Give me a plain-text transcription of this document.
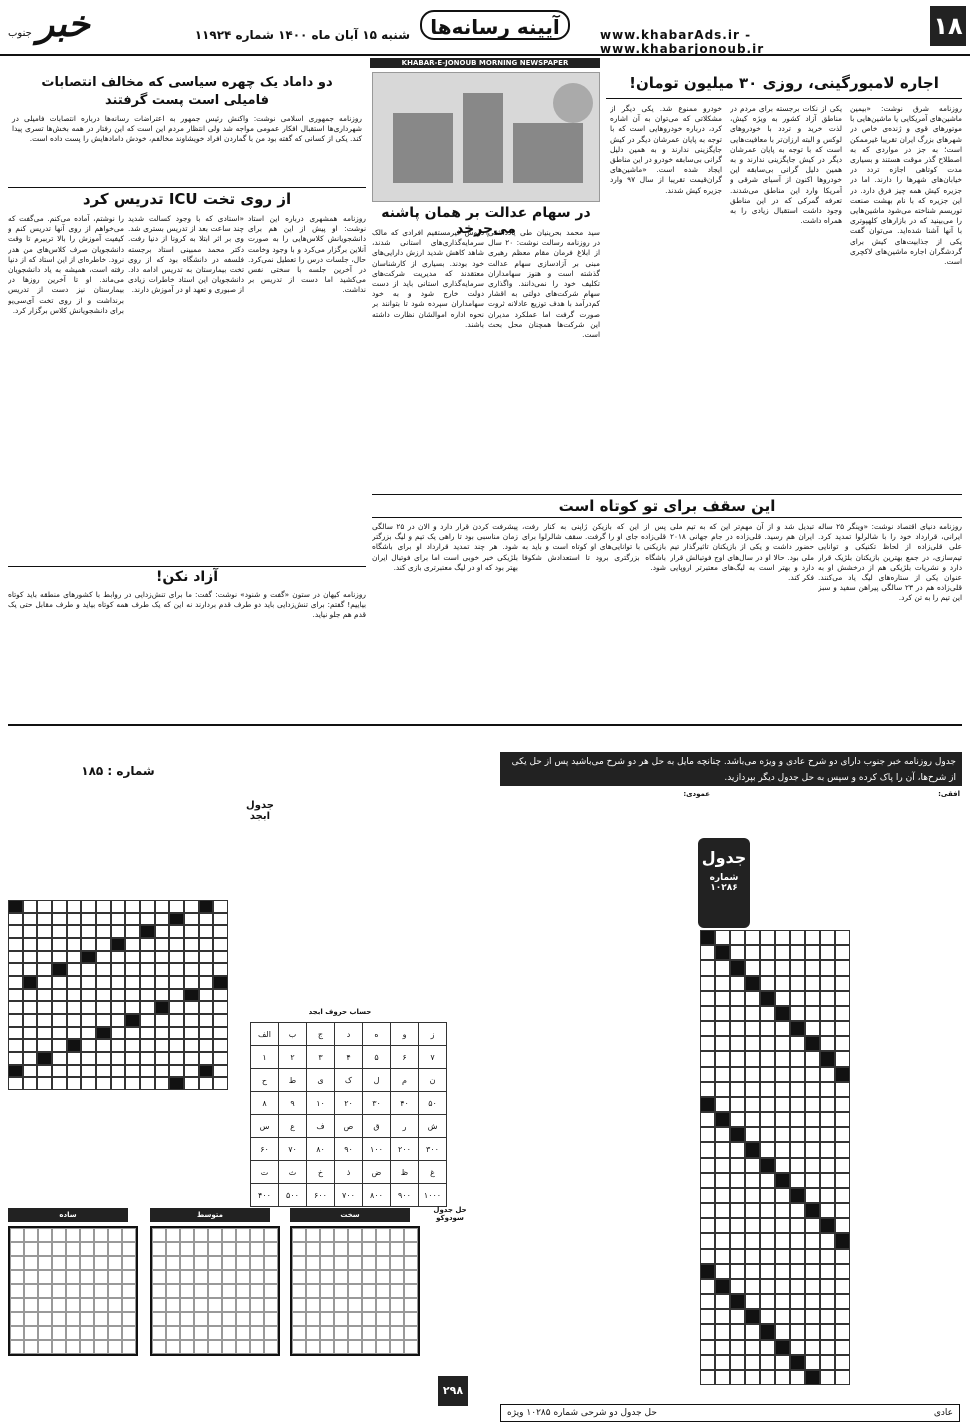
۱۸
آیینه رسانه‌ها	www.khabarAds.ir - www.khabarjonoub.ir
شنبه ۱۵ آبان ماه ۱۴۰۰ شماره ۱۱۹۲۴
خبر جنوب
KHABAR-E-JONOUB MORNING NEWSPAPER
اجاره لامبورگینی، روزی ۳۰ میلیون تومان!
روزنامه شرق نوشت: «بیمین ماشین‌های آمریکایی یا ماشین‌هایی با موتورهای قوی و ژنده‌ی خاص در شهرهای بزرگ ایران تقریبا غیرممکن است؛ به جز در مواردی که به اصطلاح گذر موقت هستند و بسیاری مدت کوتاهی اجازه تردد در خیابان‌های شهرها را دارند. اما در جزیره کیش همه چیز فرق دارد. در این جزیره که با نام بهشت صنعت توریسم شناخته می‌شود ماشین‌هایی را می‌بینید که در بازارهای کلهپوتری با آنها آشنا شده‌اید. می‌توان گفت یکی از جذابیت‌های کیش برای گردشگران اجاره ماشین‌های لاکچری است.
یکی از نکات برجسته برای مردم در مناطق آزاد کشور به ویژه کیش، لذت خرید و تردد با خودروهای لوکس و البته ارزان‌تر با معافیت‌هایی است که با توجه به پایان عمرشان دیگر در کیش جایگزینی ندارند و به همین دلیل گرانی بی‌سابقه این خودروها اکنون از آسیای شرقی و آمریکا وارد این مناطق می‌شدند. تعرفه گمرکی که در این مناطق وجود داشت استقبال زیادی را به همراه داشت.
خودرو ممنوع شد. یکی دیگر از مشکلاتی که می‌توان به آن اشاره کرد، درباره خودروهایی است که با توجه به پایان عمرشان دیگر در کیش جایگزینی ندارند و به همین دلیل گرانی بی‌سابقه خودرو در این مناطق ایجاد شده است. «ماشین‌های گران‌قیمت تقریبا از سال ۹۷ وارد جزیره کیش شدند.
در سهام عدالت بر همان پاشنه می‌چرخد
سید محمد بحرینیان طی یادداشتی در روزنامه رسالت نوشت: ۲۰ سال از ابلاغ فرمان مقام معظم رهبری مبنی بر آزادسازی سهام عدالت گذشته است و هنوز سهامداران تکلیف خود را نمی‌دانند. واگذاری سهام شرکت‌های دولتی به اقشار کم‌درآمد با هدف توزیع عادلانه ثروت صورت گرفت اما عملکرد مدیران این شرکت‌ها همچنان محل بحث است.
دروش غیرمستقیم افرادی که مالک سرمایه‌گذاری‌های استانی شدند، شاهد کاهش شدید ارزش دارایی‌های خود بودند. بسیاری از کارشناسان معتقدند که مدیریت شرکت‌های سرمایه‌گذاری استانی باید از دست دولت خارج شود و به خود سهامداران سپرده شود تا بتوانند بر نحوه اداره اموالشان نظارت داشته باشند.
دو داماد یک چهره سیاسی که مخالف انتصابات فامیلی است پست گرفتند
روزنامه جمهوری اسلامی نوشت: واکنش رئیس جمهور به اعتراضات رسانه‌ها درباره انتصابات فامیلی در شهرداری‌ها استقبال افکار عمومی مواجه شد ولی انتظار مردم این است که این رفتار در همه بخش‌ها تسری پیدا کند. یکی از کسانی که گفته بود من با گماردن افراد خویشاوند مخالفم، خودش دامادهایش را پست داده است.
از روی تخت ICU تدریس کرد
روزنامه همشهری درباره این استاد نوشت: او پیش از این هم برای دانشجویانش کلاس‌هایی را به صورت آنلاین برگزار می‌کرد و با وجود وخامت حال، جلسات درس را تعطیل نمی‌کرد. در آخرین جلسه با سختی نفس می‌کشید اما دست از تدریس بر نداشت.
«استادی که با وجود کسالت شدید چند ساعت بعد از تدریس بستری شد. وی بر اثر ابتلا به کرونا از دنیا رفت. دکتر محمد ممبینی استاد برجسته فلسفه در دانشگاه بود که از روی تخت بیمارستان به تدریس ادامه داد. دانشجویان این استاد خاطرات زیادی از صبوری و تعهد او در آموزش دارند.
را نوشتم، آماده می‌کنم. می‌گفت که می‌خواهم از روی آنها تدریس کنم و کیفیت آموزش را بالا ترببرم تا وقت دانشجویان صرف کلاس‌های من هدر نرود. خاطره‌ای از این استاد که از دنیا رفته است، همیشه به یاد دانشجویان می‌ماند. او تا آخرین روزها در بیمارستان نیز دست از تدریس برنداشت و از روی تخت آی‌سی‌یو برای دانشجویانش کلاس برگزار کرد.
این سقف برای تو کوتاه است
روزنامه دنیای اقتصاد نوشت: «وینگر ۲۵ ساله ایرانی، قرارداد خود را با شالرلوا تمدید کرد. علی قلی‌زاده از لحاظ تکنیکی و توانایی تیم‌سازی، در جمع بهترین بازیکنان بلژیک قرار دارد و نشریات بلژیکی هم از درخشش او به عنوان یکی از ستاره‌های لیگ یاد می‌کنند. قلی‌زاده هم در ۲۳ سالگی پیراهن سفید و سبز این تیم را به تن کرد.
تبدیل شد و از آن مهم‌تر این که به تیم ملی ایران هم رسید. قلی‌زاده در جام جهانی ۲۰۱۸ حضور داشت و یکی از بازیکنان تاثیرگذار تیم ملی بود. حالا او در سال‌های اوج فوتبالش قرار دارد و بهتر است به لیگ‌های معتبرتر اروپایی فکر کند.
پس از این که بازیکن ژاپنی به کنار رفت، قلی‌زاده جای او را گرفت. سقف شالرلوا برای بازیکنی با توانایی‌های او کوتاه است و باید به باشگاه بزرگتری برود تا استعدادش شکوفا شود.
پیشرفت کردن قرار دارد و الان در ۲۵ سالگی زمان مناسبی بود تا راهی یک تیم و لیگ بزرگتر شود. هر چند تمدید قرارداد او برای باشگاه بلژیکی خبر خوبی است اما برای فوتبال ایران بهتر بود که او در لیگ معتبرتری بازی کند.
آزاد نکن!
روزنامه کیهان در ستون «گفت و شنود» نوشت: گفت: ما برای تنش‌زدایی در روابط با کشورهای منطقه باید کوتاه بیاییم! گفتم: برای تنش‌زدایی باید دو طرف قدم بردارند نه این که یک طرف همه کوتاه بیاید و طرف مقابل حتی یک قدم هم جلو نیاید.
جدول روزنامه خبر جنوب دارای دو شرح عادی و ویژه می‌باشد. چنانچه مایل به حل هر دو شرح می‌باشید پس از حل یکی از شرح‌ها، آن را پاک کرده و سپس به حل جدول دیگر بپردازید.
جدول
شماره ۱۰۲۸۶
افقی:
عمودی:
شماره : ۱۸۵
جدول ابجد
حساب حروف ابجد
الف	ب	ج	د	ه	و	ز
۱	۲	۳	۴	۵	۶	۷
ح	ط	ی	ک	ل	م	ن
۸	۹	۱۰	۲۰	۳۰	۴۰	۵۰
س	ع	ف	ص	ق	ر	ش
۶۰	۷۰	۸۰	۹۰	۱۰۰	۲۰۰	۳۰۰
ت	ث	خ	ذ	ض	ظ	غ
۴۰۰	۵۰۰	۶۰۰	۷۰۰	۸۰۰	۹۰۰	۱۰۰۰
ساده	متوسط	سخت
حل جدول سودوکو
۲۹۸
عادی
حل جدول دو شرحی شماره ۱۰۲۸۵ ویژه
